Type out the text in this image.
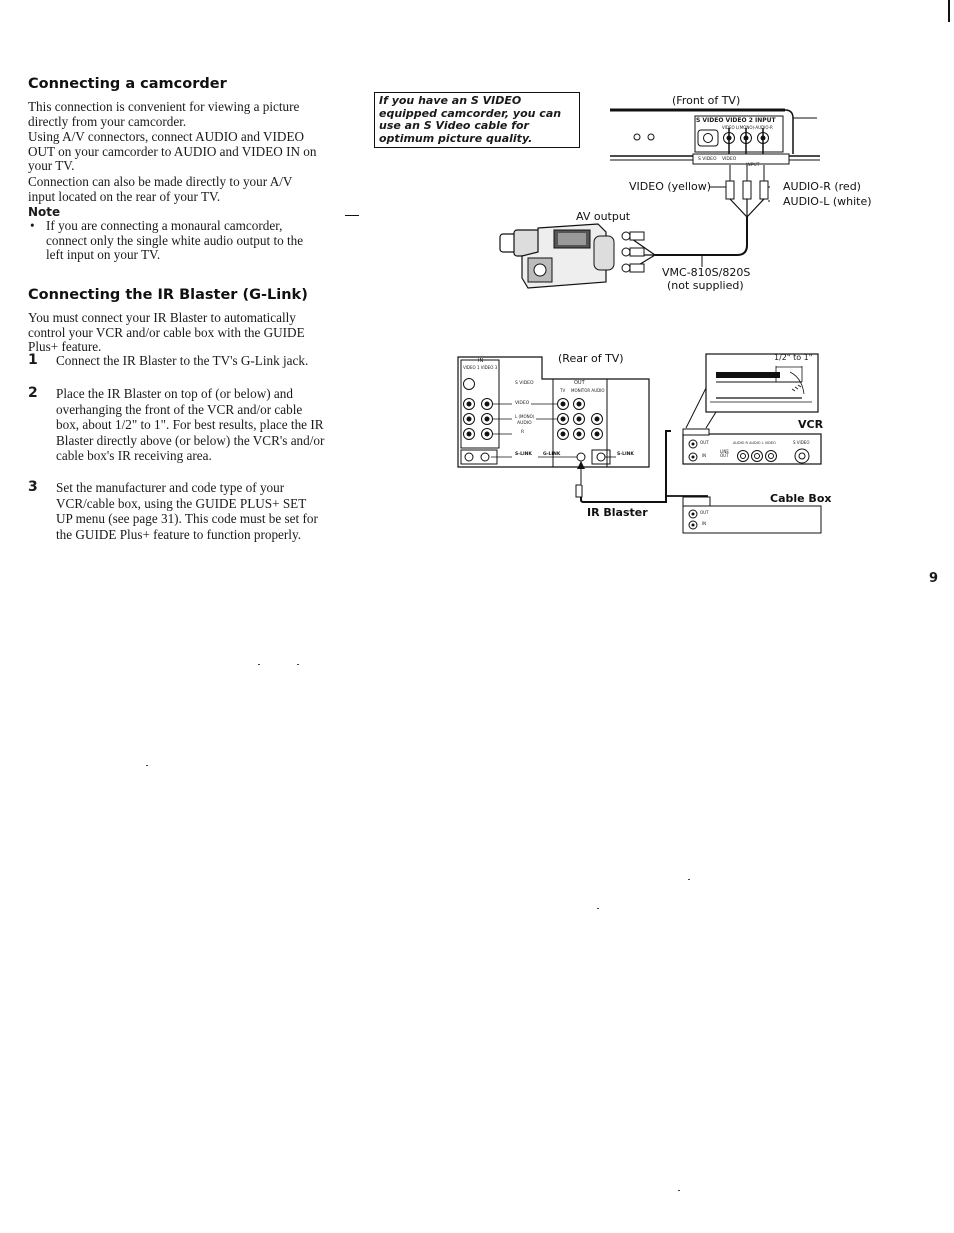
Connecting a camcorder
This connection is convenient for viewing a picture directly from your camcorder.
Using A/V connectors, connect AUDIO and VIDEO OUT on your camcorder to AUDIO and VIDEO IN on your TV.
Connection can also be made directly to your A/V input located on the rear of your TV.
Note
• If you are connecting a monaural camcorder, connect only the single white audio output to the left input on your TV.
Connecting the IR Blaster (G-Link)
You must connect your IR Blaster to automatically control your VCR and/or cable box with the GUIDE Plus+ feature.
1 Connect the IR Blaster to the TV's G-Link jack.
2 Place the IR Blaster on top of (or below) and overhanging the front of the VCR and/or cable box, about 1/2" to 1". For best results, place the IR Blaster directly above (or below) the VCR's and/or cable box's IR receiving area.
3 Set the manufacturer and code type of your VCR/cable box, using the GUIDE PLUS+ SET UP menu (see page 31). This code must be set for the GUIDE Plus+ feature to function properly.
If you have an S VIDEO equipped camcorder, you can use an S Video cable for optimum picture quality.
(Front of TV)
S VIDEO VIDEO 2 INPUT
VIDEO L(MONO)-AUDIO-R
S VIDEO VIDEO
INPUT
VIDEO (yellow)	AUDIO-R (red)
AUDIO-L (white)
AV output
VMC-810S/820S
(not supplied)
(Rear of TV)
IN
VIDEO 1 VIDEO 3
OUT
TV MONITOR AUDIO
S VIDEO
VIDEO
L (MONO)
AUDIO
R
S-LINK G-LINK	S-LINK
1/2" to 1"
VCR
OUT
IN
LINE OUT
AUDIO R AUDIO L VIDEO	S VIDEO
Cable Box
OUT
IN
IR Blaster
9
